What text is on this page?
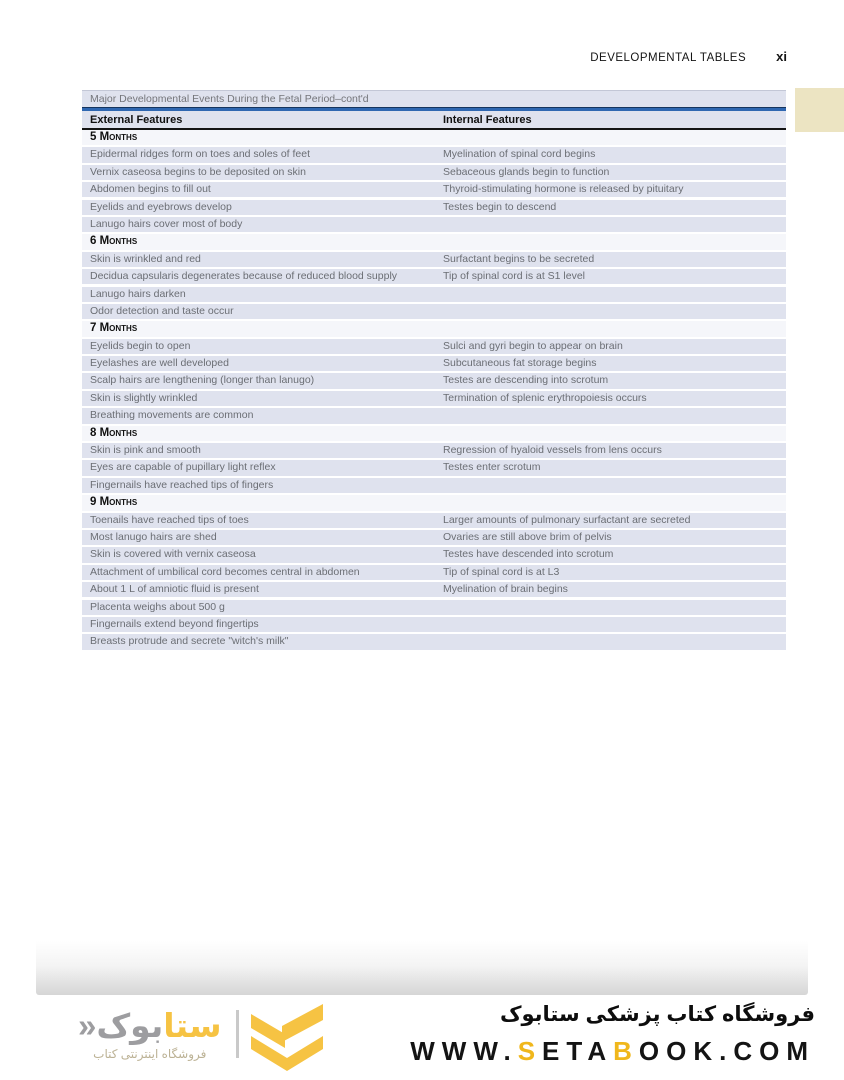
DEVELOPMENTAL TABLES xi
Major Developmental Events During the Fetal Period–cont'd
External Features	Internal Features
5 Months
Epidermal ridges form on toes and soles of feet	Myelination of spinal cord begins
Vernix caseosa begins to be deposited on skin	Sebaceous glands begin to function
Abdomen begins to fill out	Thyroid-stimulating hormone is released by pituitary
Eyelids and eyebrows develop	Testes begin to descend
Lanugo hairs cover most of body
6 Months
Skin is wrinkled and red	Surfactant begins to be secreted
Decidua capsularis degenerates because of reduced blood supply	Tip of spinal cord is at S1 level
Lanugo hairs darken
Odor detection and taste occur
7 Months
Eyelids begin to open	Sulci and gyri begin to appear on brain
Eyelashes are well developed	Subcutaneous fat storage begins
Scalp hairs are lengthening (longer than lanugo)	Testes are descending into scrotum
Skin is slightly wrinkled	Termination of splenic erythropoiesis occurs
Breathing movements are common
8 Months
Skin is pink and smooth	Regression of hyaloid vessels from lens occurs
Eyes are capable of pupillary light reflex	Testes enter scrotum
Fingernails have reached tips of fingers
9 Months
Toenails have reached tips of toes	Larger amounts of pulmonary surfactant are secreted
Most lanugo hairs are shed	Ovaries are still above brim of pelvis
Skin is covered with vernix caseosa	Testes have descended into scrotum
Attachment of umbilical cord becomes central in abdomen	Tip of spinal cord is at L3
About 1 L of amniotic fluid is present	Myelination of brain begins
Placenta weighs about 500 g
Fingernails extend beyond fingertips
Breasts protrude and secrete "witch's milk"
ستابوک«
فروشگاه اینترنتی کتاب
فروشگاه کتاب پزشکی ستابوک
WWW.SETABOOK.COM
